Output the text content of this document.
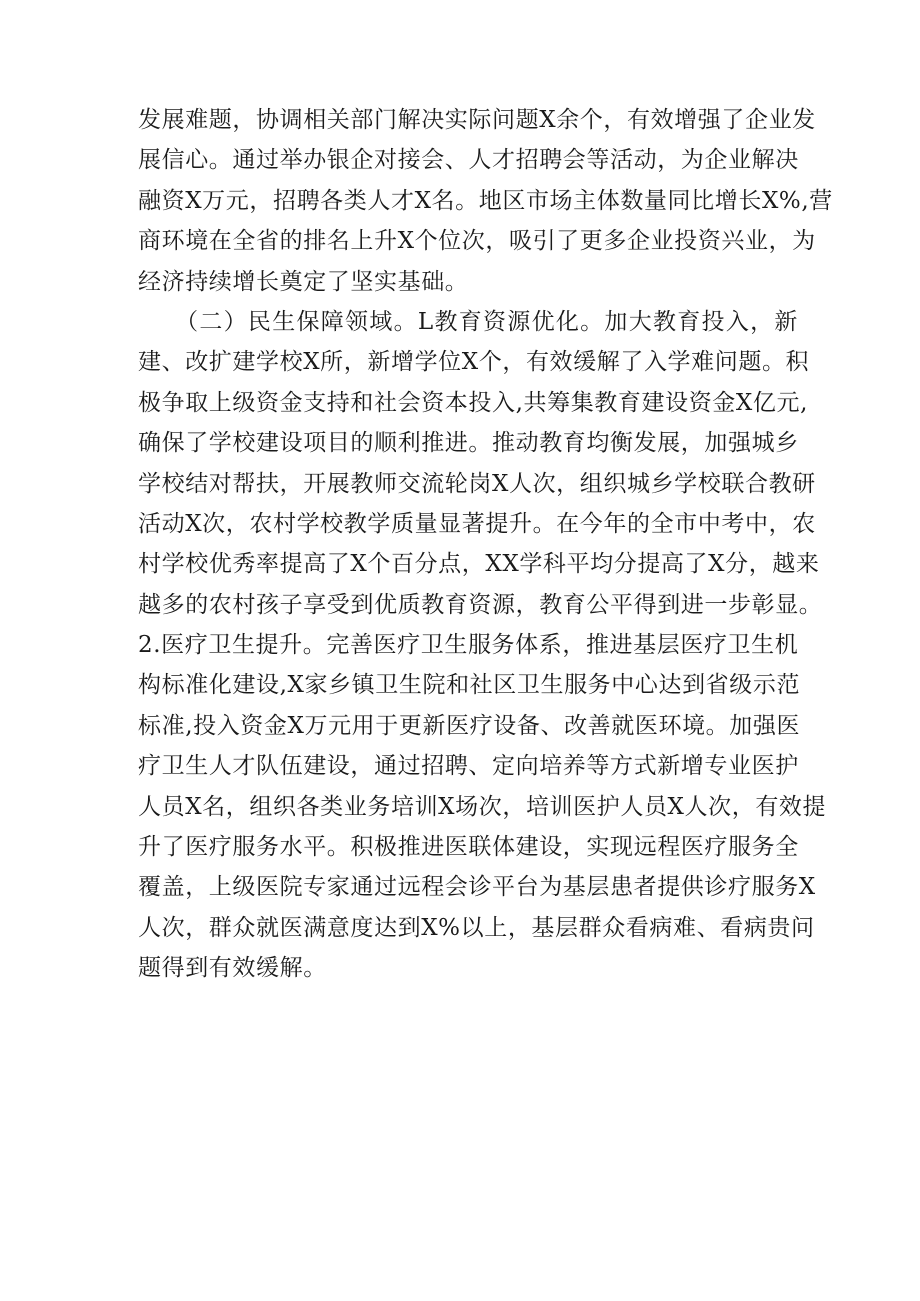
发展难题，协调相关部门解决实际问题X余个，有效增强了企业发
展信心。通过举办银企对接会、人才招聘会等活动，为企业解决
融资X万元，招聘各类人才X名。地区市场主体数量同比增长X%,营
商环境在全省的排名上升X个位次，吸引了更多企业投资兴业，为
经济持续增长奠定了坚实基础。
　　（二）民生保障领域。L教育资源优化。加大教育投入，新
建、改扩建学校X所，新增学位X个，有效缓解了入学难问题。积
极争取上级资金支持和社会资本投入,共筹集教育建设资金X亿元,
确保了学校建设项目的顺利推进。推动教育均衡发展，加强城乡
学校结对帮扶，开展教师交流轮岗X人次，组织城乡学校联合教研
活动X次，农村学校教学质量显著提升。在今年的全市中考中，农
村学校优秀率提高了X个百分点，XX学科平均分提高了X分，越来
越多的农村孩子享受到优质教育资源，教育公平得到进一步彰显。
2.医疗卫生提升。完善医疗卫生服务体系，推进基层医疗卫生机
构标准化建设,X家乡镇卫生院和社区卫生服务中心达到省级示范
标准,投入资金X万元用于更新医疗设备、改善就医环境。加强医
疗卫生人才队伍建设，通过招聘、定向培养等方式新增专业医护
人员X名，组织各类业务培训X场次，培训医护人员X人次，有效提
升了医疗服务水平。积极推进医联体建设，实现远程医疗服务全
覆盖，上级医院专家通过远程会诊平台为基层患者提供诊疗服务X
人次，群众就医满意度达到X%以上，基层群众看病难、看病贵问
题得到有效缓解。
